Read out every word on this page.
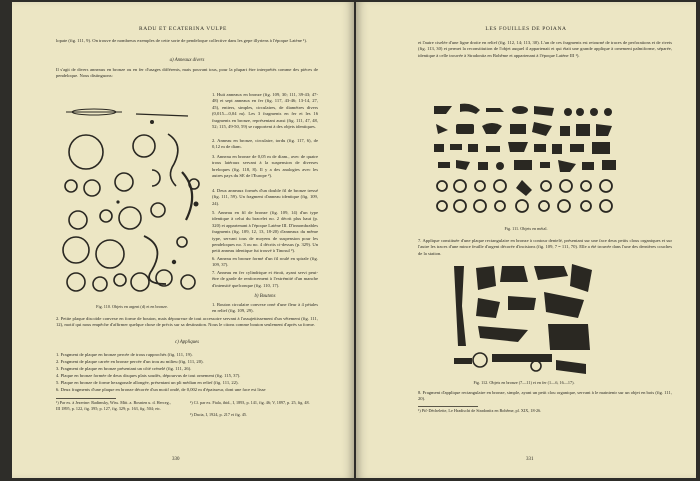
RADU ET ECATERINA VULPE
lopate (fig. 111, 9). On trouve de nombreux exemples de cette sorte de pendeloque collective dans les gepe illyriens à l'époque Latène ¹).
a) Anneaux divers
Il s'agit de divers anneaux en bronze ou en fer d'usages différents, mais pouvant tous, pour la plupart être interprétés comme des pièces de pendeloque. Nous distinguons:
Fig. 110. Objets en argent (d) et en bronze.
1. Huit anneaux en bronze (fig. 109, 30; 111, 39-43; 47-48) et sept anneaux en fer (fig. 117, 43-46; 13-14, 27, 45), entiers, simples, circulaires, de diamètres divers (0,015—0,04 m). Les 3 fragments en fer et les 16 fragments en bronze, représentant aussi (fig. 111, 47, 48, 52; 115, 49-50, 59) se rapportent à des objets identiques.
2. Anneau en bronze, circulaire, tordu (fig. 117, 6), de 0,12 m de diam.
3. Anneau en bronze de 0,05 m de diam., avec de quatre trous latéraux servant à la suspension de diverses breloques (fig. 118, 8). Il y a des analogies avec les autres pays du SE de l'Europe ²).
4. Deux anneaux formés d'un double fil de bronze tressé (fig. 111, 59). Un fragment d'anneau identique (fig. 109, 24).
5. Anneau en fil de bronze (fig. 109, 14) d'un type identique à celui du bracelet no. 2 décrit plus haut (p. 320) et appartenant à l'époque Latène III. D'innombrables fragments (fig. 109, 12, 13, 18-20) d'anneaux du même type, servant tous de moyens de suspension pour les pendeloques no. 3 ou no. 4 décrits ci-dessus (p. 329). Un petit anneau identique fut trouvé à Tinosul ³).
6. Anneau en bronze formé d'un fil roulé en spirale (fig. 109, 37).
7. Anneau en fer cylindrique et étroit, ayant servi peut-être de garde de renforcement à l'extrémité d'un manche d'intensité quelconque (fig. 110, 17).
b) Boutons
1. Bouton circulaire convexe orné d'une fleur à 4 pétales en relief (fig. 109, 29).
2. Petite plaque discoïde convexe en forme de bouton, mais dépourvue de tout accessoire servant à l'assujettissement d'un vêtement (fig. 111, 12), motif qui nous empêche d'affirmer quelque chose de précis sur sa destination. Nous le citons comme bouton seulement d'après sa forme.
c) Appliques
1. Fragment de plaque en bronze percée de trous rapprochés (fig. 111, 19).
2. Fragment de plaque carrée en bronze percée d'un trou au milieu (fig. 111, 20).
3. Fragment de plaque en bronze présentant un côté crénelé (fig. 111, 26).
4. Plaque en bronze formée de deux disques plats soudés, dépourvus de tout ornement (fig. 115, 37).
5. Plaque en bronze de forme hexagonale allongée, présentant un pli médian en relief (fig. 111, 22).
6. Deux fragments d'une plaque en bronze décorée d'un motif ondé, de 0,002 m d'épaisseur, dont une face est lisse
¹) Par ex. à Jezerine: Radimsky, Wiss. Mitt. a. Bosnien u. d. Herceg., III 1895, p. 122, fig. 395; p. 127, fig. 329; p. 163, fig. 504; etc.
²) Cf. par ex. Fiala, ibid., I, 1893, p. 141, fig. 46; V, 1897, p. 25, fig. 48.
³) Dacia, I, 1924, p. 217 et fig. 45.
330
LES FOUILLES DE POIANA
et l'autre ciselée d'une ligne droite en relief (fig. 112, 14; 113, 30). L'un de ces fragments est retourné de traces de perforations et de rivets (fig. 113, 30) et permet la reconstitution de l'objet auquel il appartenait et qui était une grande applique à ornement palmiforme, séparée, identique à celle trouvée à Stradonitz en Bohême et appartenant à l'époque Latène III ¹).
Fig. 111. Objets en métal.
7. Applique constituée d'une plaque rectangulaire en bronze à contour dentelé, présentant sur une face deux petits clous organiques et sur l'autre les traces d'une mince feuille d'argent décorée d'incisions (fig. 109, 7 = 111, 70). Elle a été trouvée dans l'une des dernières couches de la station.
Fig. 112. Objets en bronze (7—11) et en fer (1—6, 16—17).
8. Fragment d'applique rectangulaire en bronze, simple, ayant un petit clou organique, servant à le maintenir sur un objet en bois (fig. 111, 20).
¹) Pič-Déchelette, Le Hradischt de Stradonitz en Bohême, pl. XIX, 18-26.
331
